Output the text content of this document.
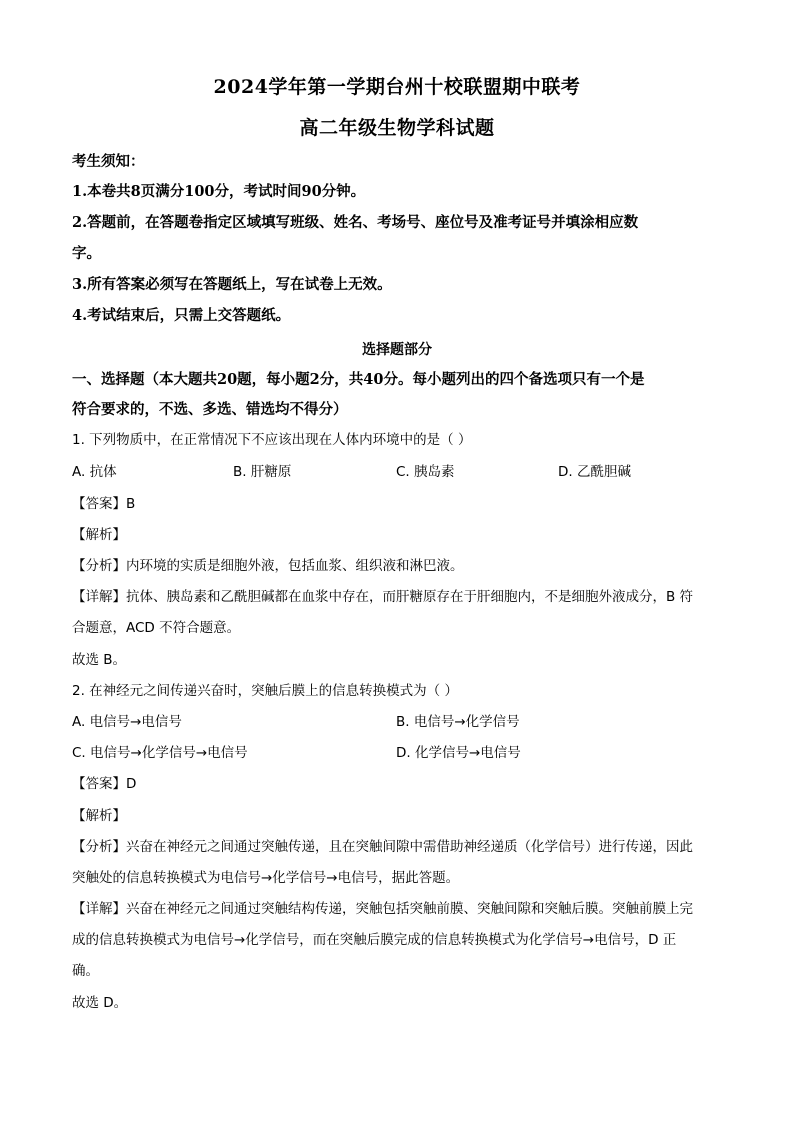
2024学年第一学期台州十校联盟期中联考
高二年级生物学科试题
考生须知：
1.本卷共8页满分100分，考试时间90分钟。
2.答题前，在答题卷指定区域填写班级、姓名、考场号、座位号及准考证号并填涂相应数
字。
3.所有答案必须写在答题纸上，写在试卷上无效。
4.考试结束后，只需上交答题纸。
选择题部分
一、选择题（本大题共20题，每小题2分，共40分。每小题列出的四个备选项只有一个是
符合要求的，不选、多选、错选均不得分）
1. 下列物质中，在正常情况下不应该出现在人体内环境中的是（ ）
A. 抗体	B. 肝糖原	C. 胰岛素	D. 乙酰胆碱
【答案】B
【解析】
【分析】内环境的实质是细胞外液，包括血浆、组织液和淋巴液。
【详解】抗体、胰岛素和乙酰胆碱都在血浆中存在，而肝糖原存在于肝细胞内，不是细胞外液成分，B 符
合题意，ACD 不符合题意。
故选 B。
2. 在神经元之间传递兴奋时，突触后膜上的信息转换模式为（ ）
A. 电信号→电信号	B. 电信号→化学信号
C. 电信号→化学信号→电信号	D. 化学信号→电信号
【答案】D
【解析】
【分析】兴奋在神经元之间通过突触传递，且在突触间隙中需借助神经递质（化学信号）进行传递，因此
突触处的信息转换模式为电信号→化学信号→电信号，据此答题。
【详解】兴奋在神经元之间通过突触结构传递，突触包括突触前膜、突触间隙和突触后膜。突触前膜上完
成的信息转换模式为电信号→化学信号，而在突触后膜完成的信息转换模式为化学信号→电信号，D 正
确。
故选 D。
